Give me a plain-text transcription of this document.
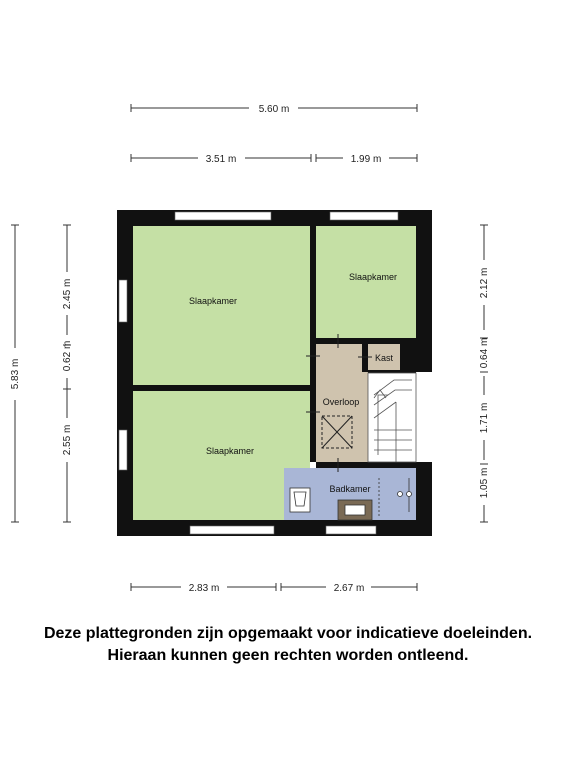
5.60 m
3.51 m	1.99 m
2.83 m	2.67 m
5.83 m
2.45 m
0.62 m
2.55 m
2.12 m
0.64 m
1.71 m
1.05 m
Slaapkamer
Slaapkamer
Slaapkamer
Kast
Overloop
Badkamer
Deze plattegronden zijn opgemaakt voor indicatieve doeleinden.
Hieraan kunnen geen rechten worden ontleend.
